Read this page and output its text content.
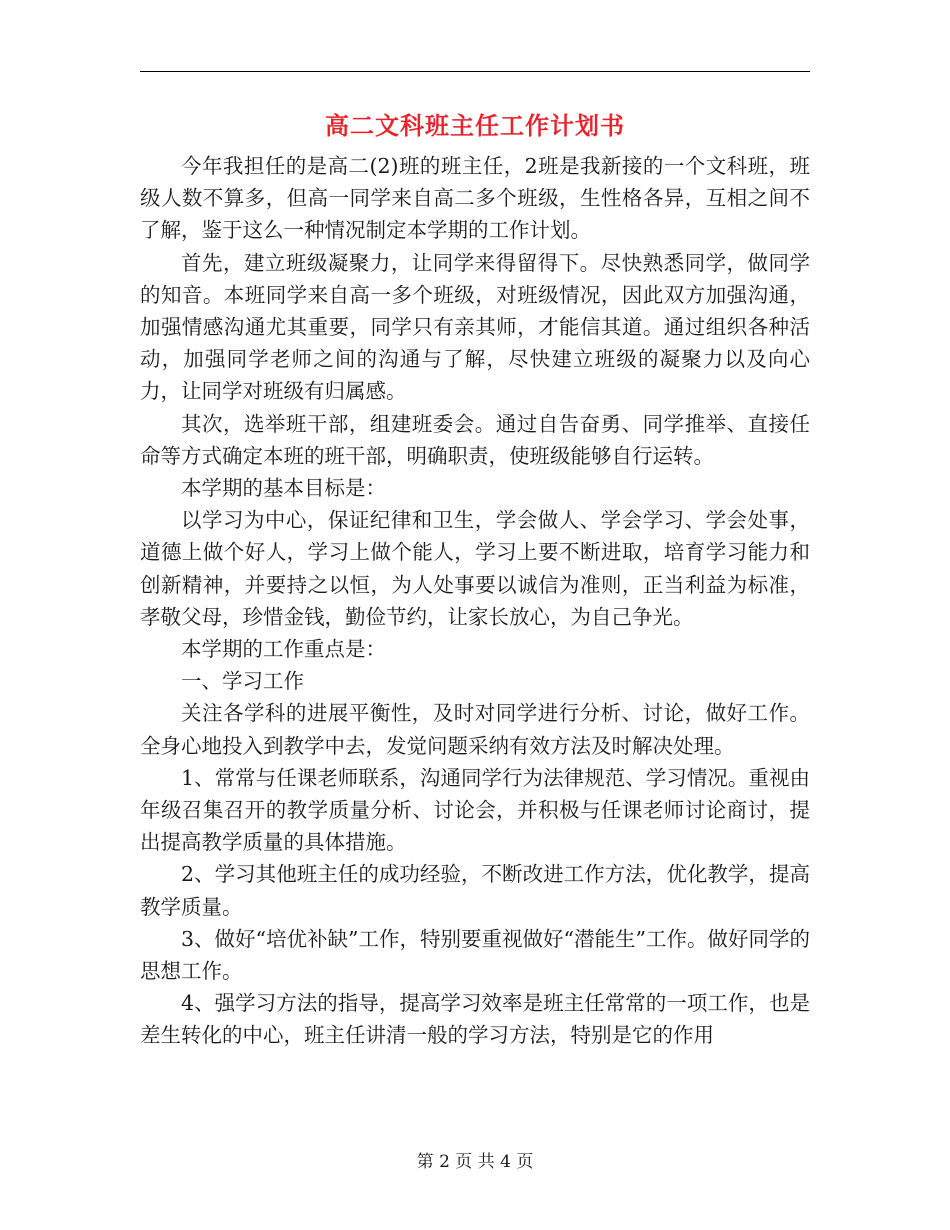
高二文科班主任工作计划书

今年我担任的是高二(2)班的班主任，2班是我新接的一个文科班，班级人数不算多，但高一同学来自高二多个班级，生性格各异，互相之间不了解，鉴于这么一种情况制定本学期的工作计划。

首先，建立班级凝聚力，让同学来得留得下。尽快熟悉同学，做同学的知音。本班同学来自高一多个班级，对班级情况，因此双方加强沟通，加强情感沟通尤其重要，同学只有亲其师，才能信其道。通过组织各种活动，加强同学老师之间的沟通与了解，尽快建立班级的凝聚力以及向心力，让同学对班级有归属感。

其次，选举班干部，组建班委会。通过自告奋勇、同学推举、直接任命等方式确定本班的班干部，明确职责，使班级能够自行运转。

本学期的基本目标是：

以学习为中心，保证纪律和卫生，学会做人、学会学习、学会处事，道德上做个好人，学习上做个能人，学习上要不断进取，培育学习能力和创新精神，并要持之以恒，为人处事要以诚信为准则，正当利益为标准，孝敬父母，珍惜金钱，勤俭节约，让家长放心，为自己争光。

本学期的工作重点是：

一、学习工作

关注各学科的进展平衡性，及时对同学进行分析、讨论，做好工作。全身心地投入到教学中去，发觉问题采纳有效方法及时解决处理。

1、常常与任课老师联系，沟通同学行为法律规范、学习情况。重视由年级召集召开的教学质量分析、讨论会，并积极与任课老师讨论商讨，提出提高教学质量的具体措施。

2、学习其他班主任的成功经验，不断改进工作方法，优化教学，提高教学质量。

3、做好“培优补缺”工作，特别要重视做好“潜能生”工作。做好同学的思想工作。

4、强学习方法的指导，提高学习效率是班主任常常的一项工作，也是差生转化的中心，班主任讲清一般的学习方法，特别是它的作用

第 2 页 共 4 页
